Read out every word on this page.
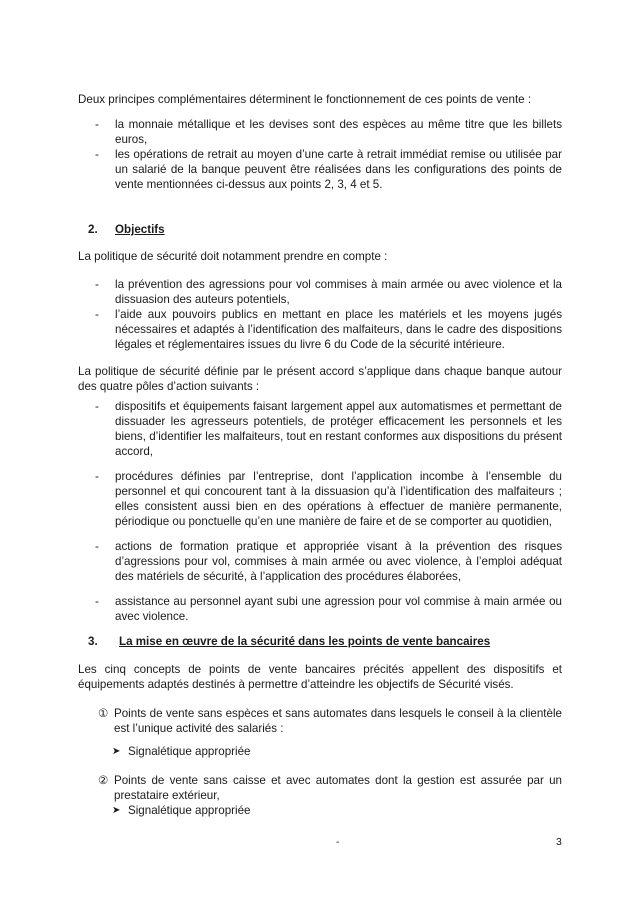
Deux principes complémentaires déterminent le fonctionnement de ces points de vente :

- la monnaie métallique et les devises sont des espèces au même titre que les billets euros,
- les opérations de retrait au moyen d’une carte à retrait immédiat remise ou utilisée par un salarié de la banque peuvent être réalisées dans les configurations des points de vente mentionnées ci-dessus aux points 2, 3, 4 et 5.
2. Objectifs

La politique de sécurité doit notamment prendre en compte :

- la prévention des agressions pour vol commises à main armée ou avec violence et la dissuasion des auteurs potentiels,
- l’aide aux pouvoirs publics en mettant en place les matériels et les moyens jugés nécessaires et adaptés à l’identification des malfaiteurs, dans le cadre des dispositions légales et réglementaires issues du livre 6 du Code de la sécurité intérieure.

La politique de sécurité définie par le présent accord s’applique dans chaque banque autour des quatre pôles d’action suivants :

- dispositifs et équipements faisant largement appel aux automatismes et permettant de dissuader les agresseurs potentiels, de protéger efficacement les personnels et les biens, d’identifier les malfaiteurs, tout en restant conformes aux dispositions du présent accord,
- procédures définies par l’entreprise, dont l’application incombe à l’ensemble du personnel et qui concourent tant à la dissuasion qu’à l’identification des malfaiteurs ; elles consistent aussi bien en des opérations à effectuer de manière permanente, périodique ou ponctuelle qu’en une manière de faire et de se comporter au quotidien,
- actions de formation pratique et appropriée visant à la prévention des risques d’agressions pour vol, commises à main armée ou avec violence, à l’emploi adéquat des matériels de sécurité, à l’application des procédures élaborées,
- assistance au personnel ayant subi une agression pour vol commise à main armée ou avec violence.
3. La mise en œuvre de la sécurité dans les points de vente bancaires

Les cinq concepts de points de vente bancaires précités appellent des dispositifs et équipements adaptés destinés à permettre d’atteindre les objectifs de Sécurité visés.

① Points de vente sans espèces et sans automates dans lesquels le conseil à la clientèle est l’unique activité des salariés :

➤ Signalétique appropriée

② Points de vente sans caisse et avec automates dont la gestion est assurée par un prestataire extérieur,

➤ Signalétique appropriée

-	3
